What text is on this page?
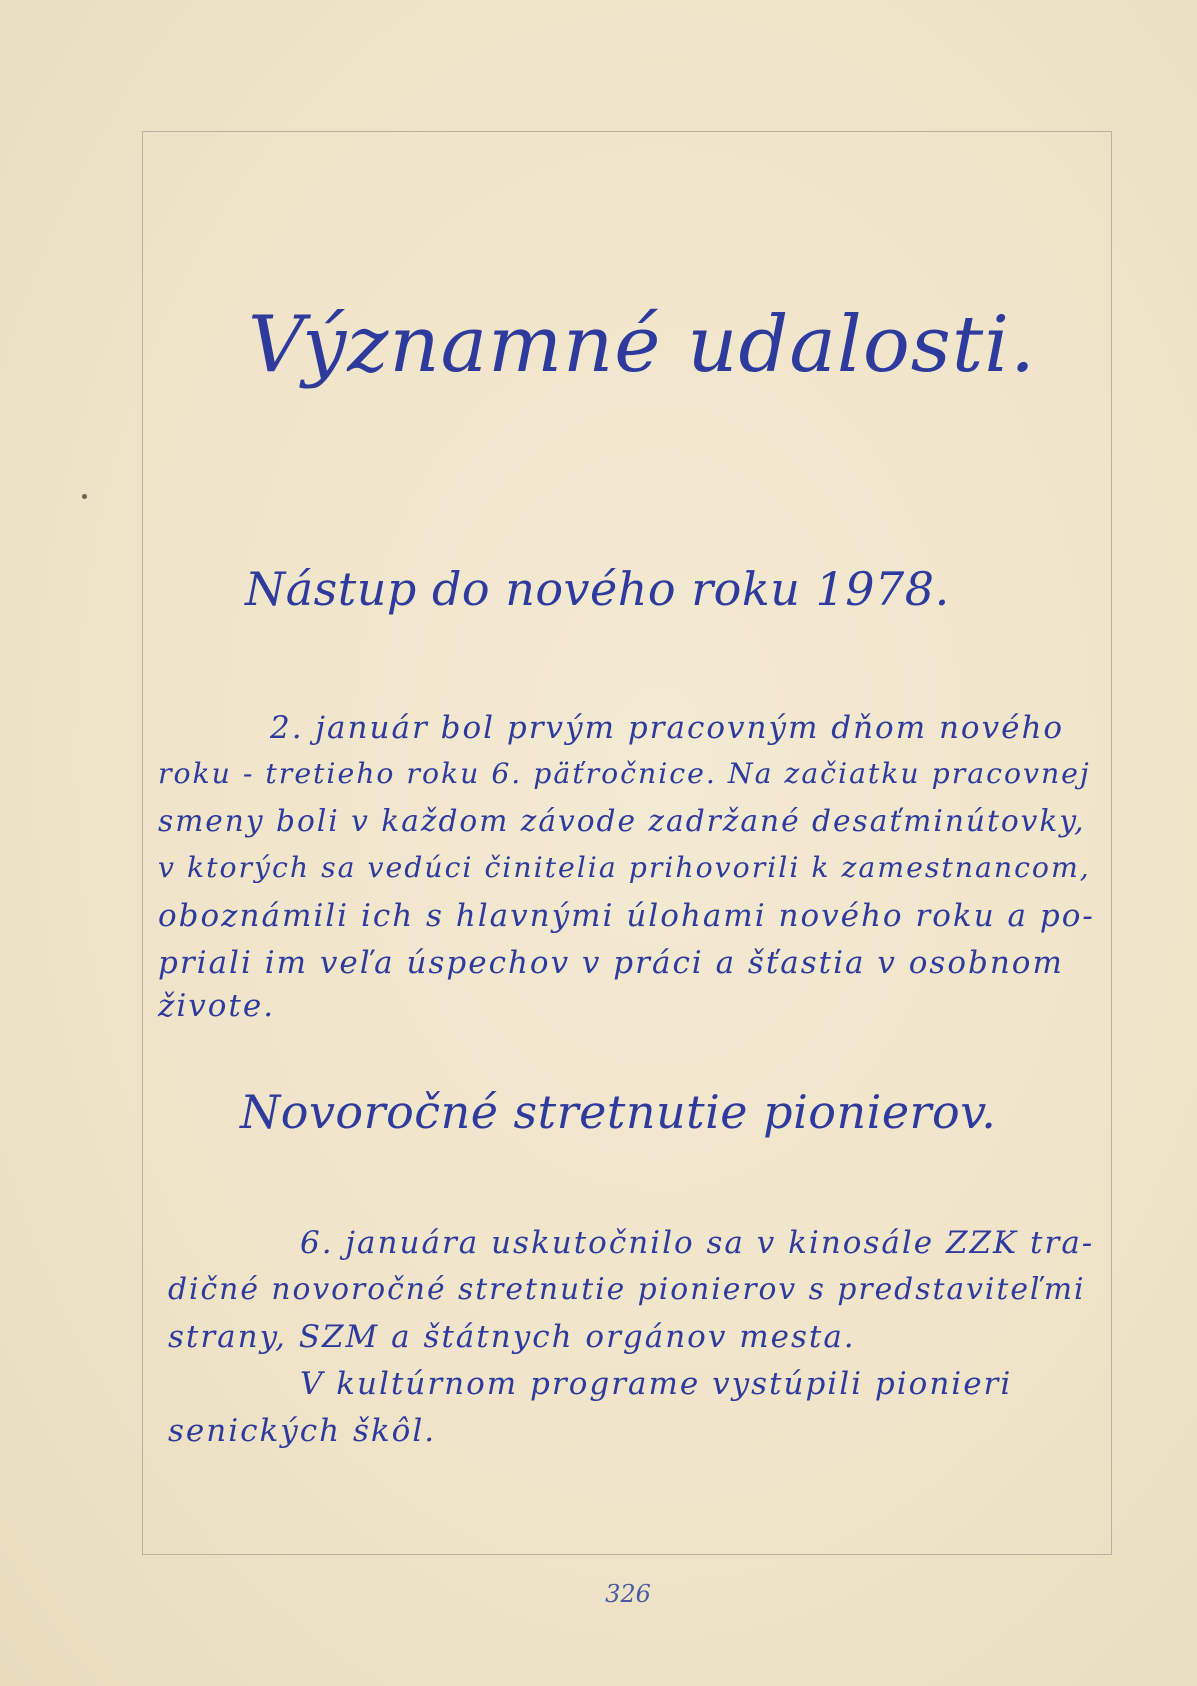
Významné udalosti.
Nástup do nového roku 1978.
2. január bol prvým pracovným dňom nového
roku - tretieho roku 6. päťročnice. Na začiatku pracovnej
smeny boli v každom závode zadržané desaťminútovky,
v ktorých sa vedúci činitelia prihovorili k zamestnancom,
oboznámili ich s hlavnými úlohami nového roku a po-
priali im veľa úspechov v práci a šťastia v osobnom
živote.
Novoročné stretnutie pionierov.
6. januára uskutočnilo sa v kinosále ZZK tra-
dičné novoročné stretnutie pionierov s predstaviteľmi
strany, SZM a štátnych orgánov mesta.
V kultúrnom programe vystúpili pionieri
senických škôl.
326
